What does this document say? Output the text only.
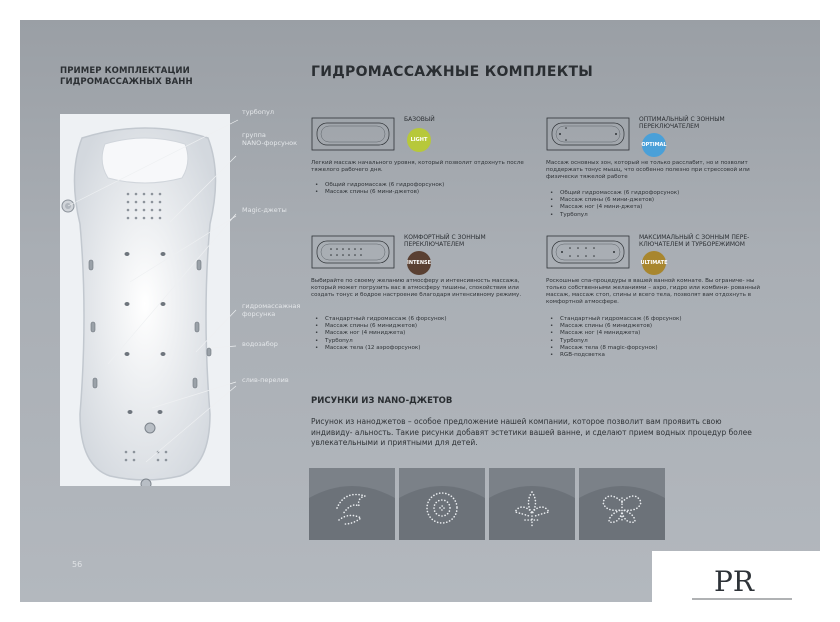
ПРИМЕР КОМПЛЕКТАЦИИ
ГИДРОМАССАЖНЫХ ВАНН
турбопул
группа
NANO-форсунок
Magic-джеты
гидромассажная
форсунка
водозабор
слив-перелив
ГИДРОМАССАЖНЫЕ КОМПЛЕКТЫ
БАЗОВЫЙ
LIGHT
Легкий массаж начального уровня, который позволит отдохнуть после тяжелого рабочего дня.
• Общий гидромассаж (6 гидрофорсунок)
• Массаж спины (6 мини-джетов)
ОПТИМАЛЬНЫЙ С ЗОННЫМ
ПЕРЕКЛЮЧАТЕЛЕМ
OPTIMAL
Массаж основных зон, который не только расслабит, но и позволит поддержать тонус мышц, что особенно полезно при стрессовой или физически тяжелой работе
• Общий гидромассаж (6 гидрофорсунок)
• Массаж спины (6 мини-джетов)
• Массаж ног (4 мини-джета)
• Турбопул
КОМФОРТНЫЙ С ЗОННЫМ
ПЕРЕКЛЮЧАТЕЛЕМ
INTENSE
Выбирайте по своему желанию атмосферу и интенсивность массажа, который может погрузить вас в атмосферу тишины, спокойствия или создать тонус и бодрое настроение благодаря интенсивному режиму.
• Стандартный гидромассаж (6 форсунок)
• Массаж спины (6 миниджетов)
• Массаж ног (4 миниджета)
• Турбопул
• Массаж тела (12 аэрофорсунок)
МАКСИМАЛЬНЫЙ С ЗОННЫМ ПЕРЕ-
КЛЮЧАТЕЛЕМ И ТУРБОРЕЖИМОМ
ULTIMATE
Роскошные спа-процедуры в вашей ванной комнате. Вы ограниче- ны только собственными желаниями – аэро, гидро или комбини- рованный массаж, массаж стоп, спины и всего тела, позволят вам отдохнуть в комфортной атмосфере.
• Стандартный гидромассаж (6 форсунок)
• Массаж спины (6 миниджетов)
• Массаж ног (4 миниджета)
• Турбопул
• Массаж тела (8 magic-форсунок)
• RGB-подсветка
РИСУНКИ ИЗ NANO-ДЖЕТОВ
Рисунок из наноджетов – особое предложение нашей компании, которое позволит вам проявить свою индивиду- альность. Такие рисунки добавят эстетики вашей ванне, и сделают прием водных процедур более увлекательными и приятными для детей.
56
PR
